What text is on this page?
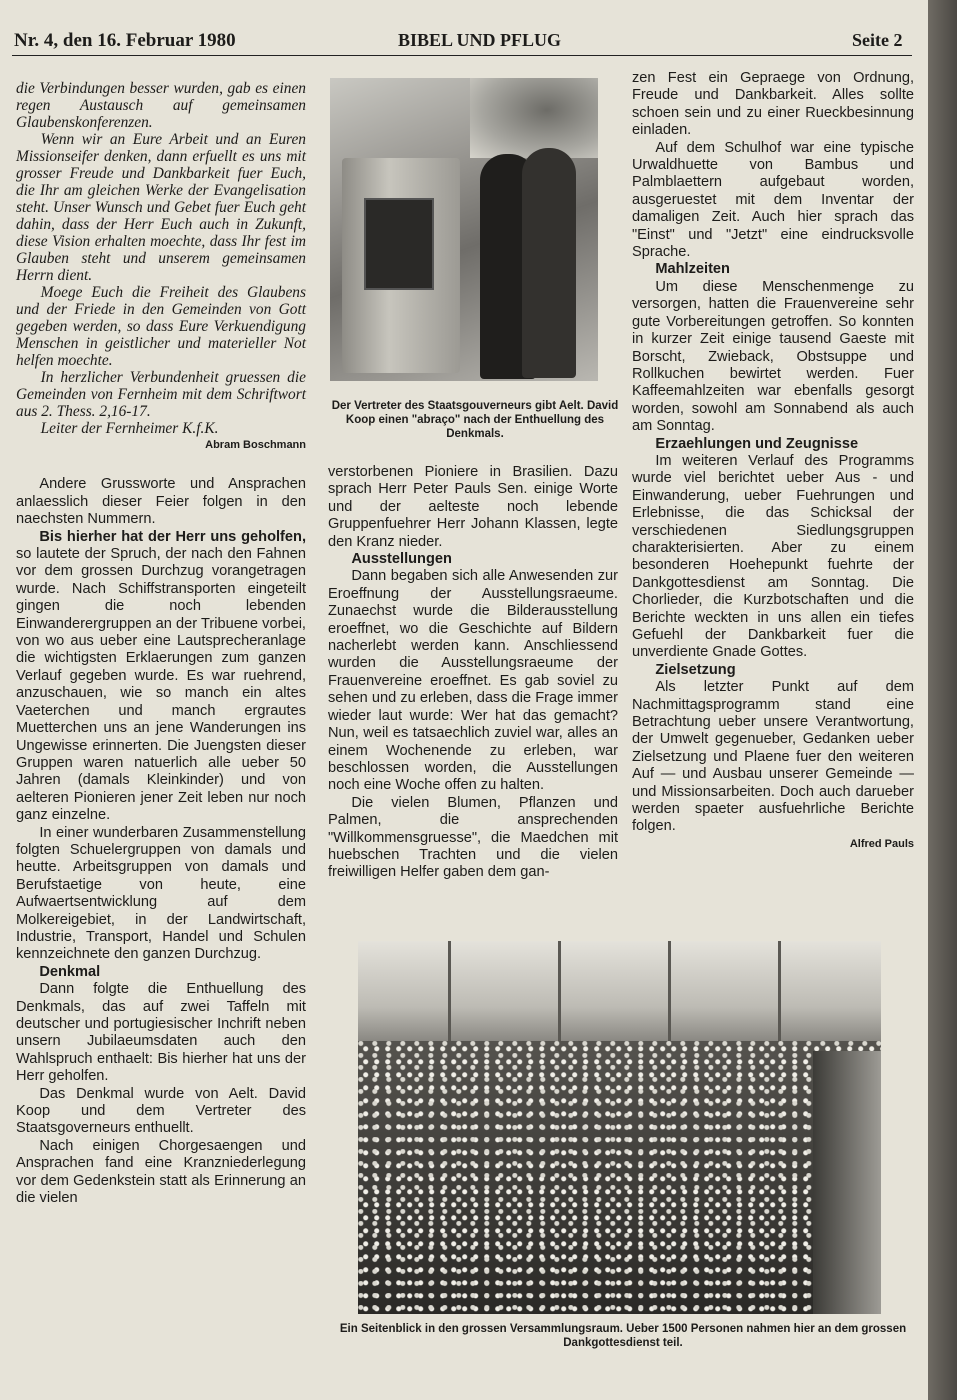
Nr. 4, den 16. Februar 1980	BIBEL UND PFLUG	Seite 2

die Verbindungen besser wurden, gab es einen regen Austausch auf gemeinsamen Glaubenskonferenzen.

Wenn wir an Eure Arbeit und an Euren Missionseifer denken, dann erfuellt es uns mit grosser Freude und Dankbarkeit fuer Euch, die Ihr am gleichen Werke der Evangelisation steht. Unser Wunsch und Gebet fuer Euch geht dahin, dass der Herr Euch auch in Zukunft, diese Vision erhalten moechte, dass Ihr fest im Glauben steht und unserem gemeinsamen Herrn dient.

Moege Euch die Freiheit des Glaubens und der Friede in den Gemeinden von Gott gegeben werden, so dass Eure Verkuendigung Menschen in geistlicher und materieller Not helfen moechte.

In herzlicher Verbundenheit gruessen die Gemeinden von Fernheim mit dem Schriftwort aus 2. Thess. 2,16-17.

Leiter der Fernheimer K.f.K.

Abram Boschmann

Andere Grussworte und Ansprachen anlaesslich dieser Feier folgen in den naechsten Nummern.

Bis hierher hat der Herr uns geholfen, so lautete der Spruch, der nach den Fahnen vor dem grossen Durchzug vorangetragen wurde. Nach Schiffstransporten eingeteilt gingen die noch lebenden Einwanderergruppen an der Tribuene vorbei, von wo aus ueber eine Lautsprecheranlage die wichtigsten Erklaerungen zum ganzen Verlauf gegeben wurde. Es war ruehrend, anzuschauen, wie so manch ein altes Vaeterchen und manch ergrautes Muetterchen uns an jene Wanderungen ins Ungewisse erinnerten. Die Juengsten dieser Gruppen waren natuerlich alle ueber 50 Jahren (damals Kleinkinder) und von aelteren Pionieren jener Zeit leben nur noch ganz einzelne.

In einer wunderbaren Zusammenstellung folgten Schuelergruppen von damals und heutte. Arbeitsgruppen von damals und Berufstaetige von heute, eine Aufwaertsentwicklung auf dem Molkereigebiet, in der Landwirtschaft, Industrie, Transport, Handel und Schulen kennzeichnete den ganzen Durchzug.

Denkmal

Dann folgte die Enthuellung des Denkmals, das auf zwei Taffeln mit deutscher und portugiesischer Inchrift neben unsern Jubilaeumsdaten auch den Wahlspruch enthaelt: Bis hierher hat uns der Herr geholfen.

Das Denkmal wurde von Aelt. David Koop und dem Vertreter des Staatsgoverneurs enthuellt.

Nach einigen Chorgesaengen und Ansprachen fand eine Kranzniederlegung vor dem Gedenkstein statt als Erinnerung an die vielen

Der Vertreter des Staatsgouverneurs gibt Aelt. David Koop einen "abraço" nach der Enthuellung des Denkmals.

verstorbenen Pioniere in Brasilien. Dazu sprach Herr Peter Pauls Sen. einige Worte und der aelteste noch lebende Gruppenfuehrer Herr Johann Klassen, legte den Kranz nieder.

Ausstellungen

Dann begaben sich alle Anwesenden zur Eroeffnung der Ausstellungsraeume. Zunaechst wurde die Bilderausstellung eroeffnet, wo die Geschichte auf Bildern nacherlebt werden kann. Anschliessend wurden die Ausstellungsraeume der Frauenvereine eroeffnet. Es gab soviel zu sehen und zu erleben, dass die Frage immer wieder laut wurde: Wer hat das gemacht? Nun, weil es tatsaechlich zuviel war, alles an einem Wochenende zu erleben, war beschlossen worden, die Ausstellungen noch eine Woche offen zu halten.

Die vielen Blumen, Pflanzen und Palmen, die ansprechenden "Willkommensgruesse", die Maedchen mit huebschen Trachten und die vielen freiwilligen Helfer gaben dem gan-

zen Fest ein Gepraege von Ordnung, Freude und Dankbarkeit. Alles sollte schoen sein und zu einer Rueckbesinnung einladen.

Auf dem Schulhof war eine typische Urwaldhuette von Bambus und Palmblaettern aufgebaut worden, ausgeruestet mit dem Inventar der damaligen Zeit. Auch hier sprach das "Einst" und "Jetzt" eine eindrucksvolle Sprache.

Mahlzeiten

Um diese Menschenmenge zu versorgen, hatten die Frauenvereine sehr gute Vorbereitungen getroffen. So konnten in kurzer Zeit einige tausend Gaeste mit Borscht, Zwieback, Obstsuppe und Rollkuchen bewirtet werden. Fuer Kaffeemahlzeiten war ebenfalls gesorgt worden, sowohl am Sonnabend als auch am Sonntag.

Erzaehlungen und Zeugnisse

Im weiteren Verlauf des Programms wurde viel berichtet ueber Aus - und Einwanderung, ueber Fuehrungen und Erlebnisse, die das Schicksal der verschiedenen Siedlungsgruppen charakterisierten. Aber zu einem besonderen Hoehepunkt fuehrte der Dankgottesdienst am Sonntag. Die Chorlieder, die Kurzbotschaften und die Berichte weckten in uns allen ein tiefes Gefuehl der Dankbarkeit fuer die unverdiente Gnade Gottes.

Zielsetzung

Als letzter Punkt auf dem Nachmittagsprogramm stand eine Betrachtung ueber unsere Verantwortung, der Umwelt gegenueber, Gedanken ueber Zielsetzung und Plaene fuer den weiteren Auf — und Ausbau unserer Gemeinde — und Missionsarbeiten. Doch auch darueber werden spaeter ausfuehrliche Berichte folgen.

Alfred Pauls

Ein Seitenblick in den grossen Versammlungsraum. Ueber 1500 Personen nahmen hier an dem grossen Dankgottesdienst teil.
